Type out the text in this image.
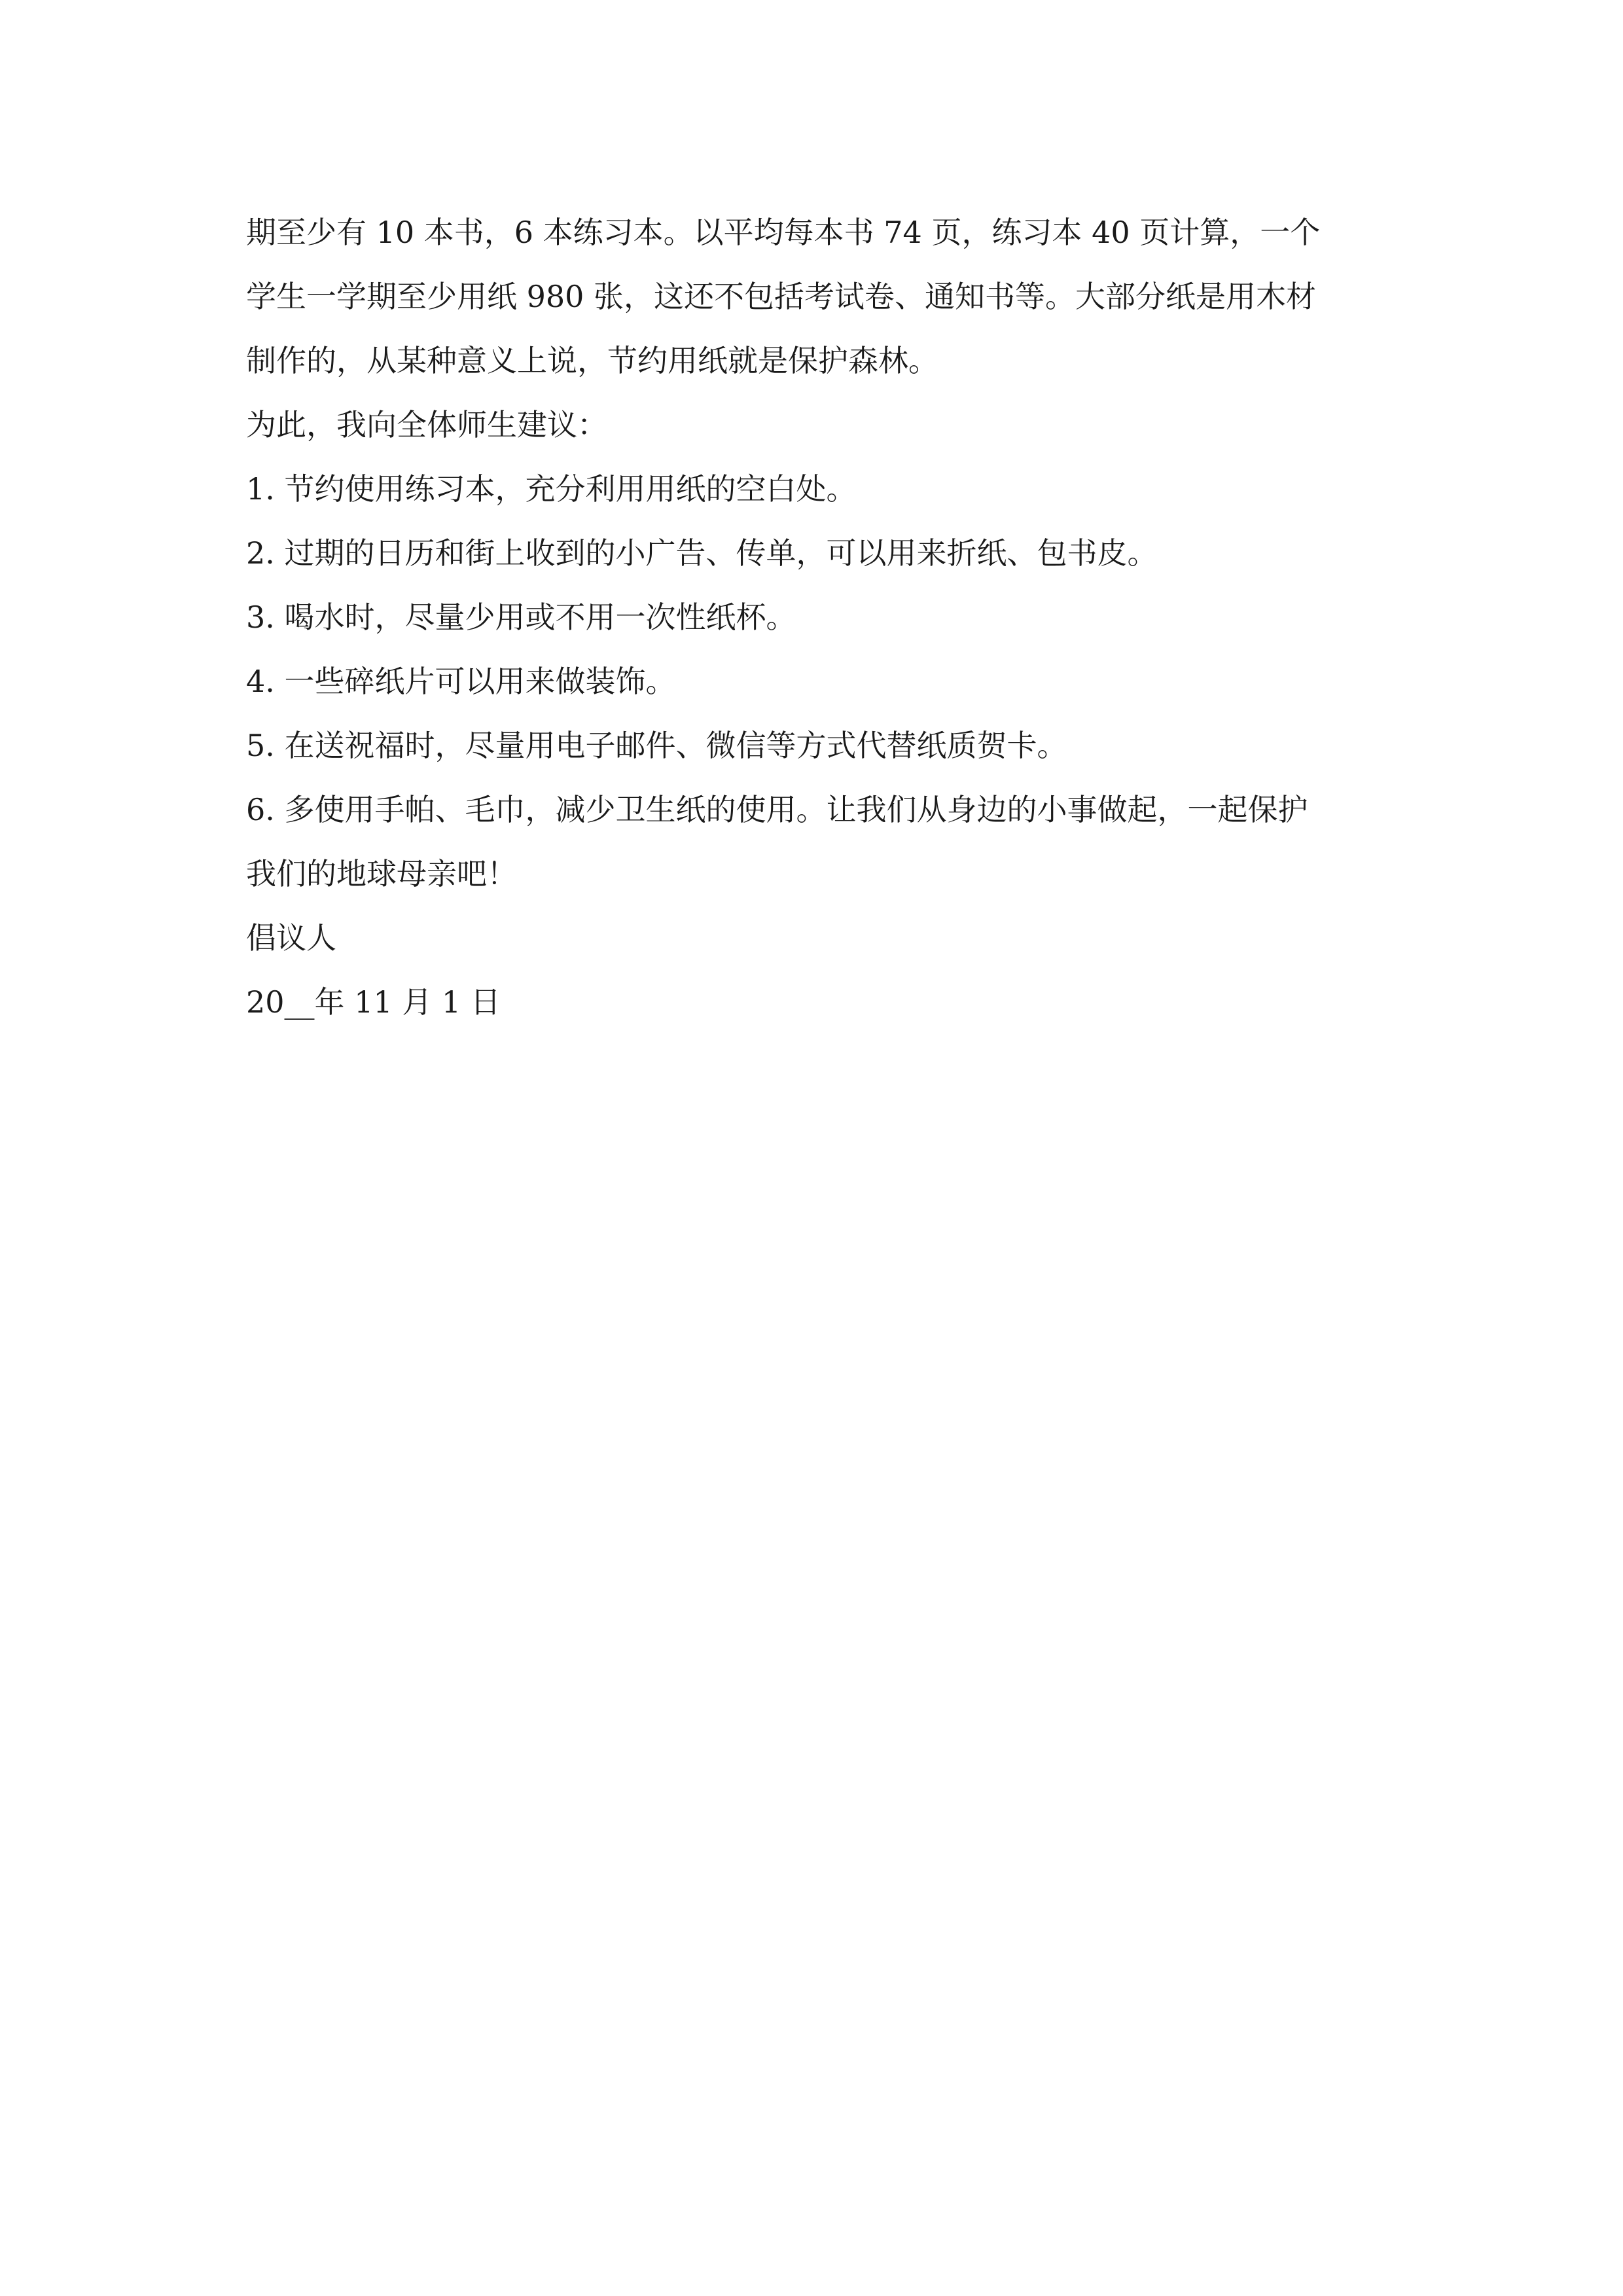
期至少有 10 本书，6 本练习本。以平均每本书 74 页，练习本 40 页计算，一个

学生一学期至少用纸 980 张，这还不包括考试卷、通知书等。大部分纸是用木材

制作的，从某种意义上说，节约用纸就是保护森林。

为此，我向全体师生建议：

1. 节约使用练习本，充分利用用纸的空白处。

2. 过期的日历和街上收到的小广告、传单，可以用来折纸、包书皮。

3. 喝水时，尽量少用或不用一次性纸杯。

4. 一些碎纸片可以用来做装饰。

5. 在送祝福时，尽量用电子邮件、微信等方式代替纸质贺卡。

6. 多使用手帕、毛巾，减少卫生纸的使用。让我们从身边的小事做起，一起保护

我们的地球母亲吧！

倡议人

20__年 11 月 1 日
